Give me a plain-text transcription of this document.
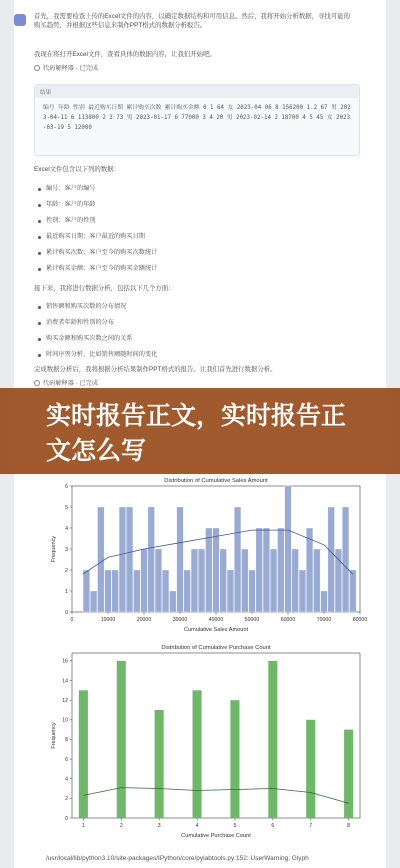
首先，我需要检查上传的Excel文件的内容，以确定数据结构和可用信息。然后，我将开始分析数据，寻找可能的购买趋势，并根据这些信息来制作PPT格式的数据分析报告。
我现在将打开Excel文件，查看具体的数据内容，让我们开始吧。
代码解释器 · 已完成
结果
编号 年龄 性别 最近购买日期 累计购买次数 累计购买金额 0 1 64 女 2023-04 06 8 156200 1.2 67 男 2023-04-11 6 113800 2 3 73 男 2023-01-17 6 77000 3 4 20 男 2023-02-14 2 18700 4 5 45 女 2023-03-19 5 12000
Excel文件包含以下列的数据：
编号：客户的编号
年龄：客户的年龄
性别：客户的性别
最近购买日期：客户最近的购买日期
累计购买次数：客户至今的购买次数统计
累计购买金额：客户至今的购买金额统计
接下来，我将进行数据分析，包括以下几个方面：
销售额和购买次数的分布情况
消费者年龄和性别的分布
购买金额和购买次数之间的关系
时间序列分析，比如销售额随时间的变化
完成数据分析后，我将根据分析结果制作PPT格式的报告。让我们首先进行数据分析。
代码解释器 · 已完成
实时报告正文，实时报告正文怎么写
Distribution of Cumulative Sales Amount
0	10000	20000	30000	40000	50000	60000	70000	80000
0
1
2
3
4
5
6
Cumulative Sales Amount
Frequency
Distribution of Cumulative Purchase Count
1	2	3	4	5	6	7	8
0
2
4
6
8
10
12
14
16
Cumulative Purchase Count
Frequency
/usr/local/lib/python3.10/site-packages/IPython/core/pylabtools.py:152: UserWarning: Glyph
